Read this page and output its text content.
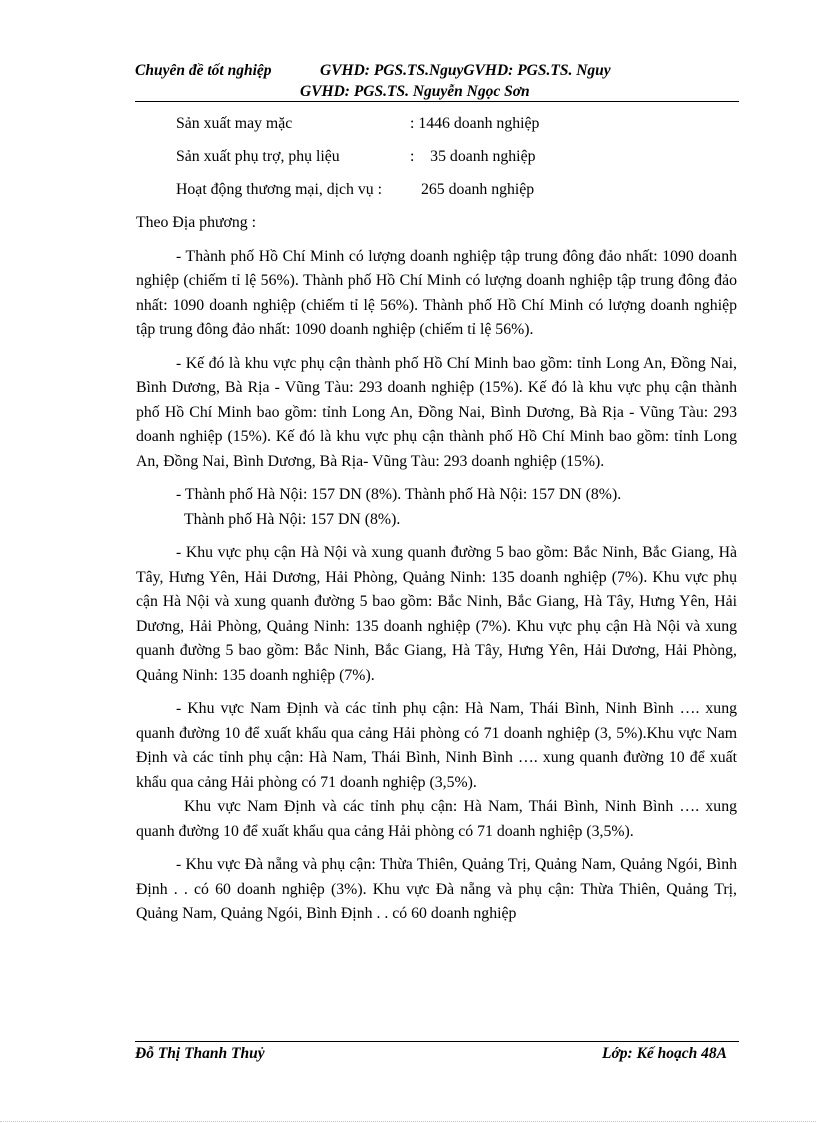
Chuyên đề tốt nghiệp	GVHD: PGS.TS.NguyGVHD: PGS.TS. Nguy
GVHD: PGS.TS. Nguyễn Ngọc Sơn
Sản xuất may mặc	: 1446 doanh nghiệp
Sản xuất phụ trợ, phụ liệu	:    35 doanh nghiệp
Hoạt động thương mại, dịch vụ : 265 doanh nghiệp
Theo Địa phương :

- Thành phố Hồ Chí Minh có lượng doanh nghiệp tập trung đông đảo nhất: 1090 doanh nghiệp (chiếm tỉ lệ 56%). Thành phố Hồ Chí Minh có lượng doanh nghiệp tập trung đông đảo nhất: 1090 doanh nghiệp (chiếm tỉ lệ 56%). Thành phố Hồ Chí Minh có lượng doanh nghiệp tập trung đông đảo nhất: 1090 doanh nghiệp (chiếm tỉ lệ 56%).

- Kế đó là khu vực phụ cận thành phố Hồ Chí Minh bao gồm: tỉnh Long An, Đồng Nai, Bình Dương, Bà Rịa - Vũng Tàu: 293 doanh nghiệp (15%). Kế đó là khu vực phụ cận thành phố Hồ Chí Minh bao gồm: tỉnh Long An, Đồng Nai, Bình Dương, Bà Rịa - Vũng Tàu: 293 doanh nghiệp (15%). Kế đó là khu vực phụ cận thành phố Hồ Chí Minh bao gồm: tỉnh Long An, Đồng Nai, Bình Dương, Bà Rịa- Vũng Tàu: 293 doanh nghiệp (15%).

- Thành phố Hà Nội: 157 DN (8%). Thành phố Hà Nội: 157 DN (8%).

Thành phố Hà Nội: 157 DN (8%).

- Khu vực phụ cận Hà Nội và xung quanh đường 5 bao gồm: Bắc Ninh, Bắc Giang, Hà Tây, Hưng Yên, Hải Dương, Hải Phòng, Quảng Ninh: 135 doanh nghiệp (7%). Khu vực phụ cận Hà Nội và xung quanh đường 5 bao gồm: Bắc Ninh, Bắc Giang, Hà Tây, Hưng Yên, Hải Dương, Hải Phòng, Quảng Ninh: 135 doanh nghiệp (7%). Khu vực phụ cận Hà Nội và xung quanh đường 5 bao gồm: Bắc Ninh, Bắc Giang, Hà Tây, Hưng Yên, Hải Dương, Hải Phòng, Quảng Ninh: 135 doanh nghiệp (7%).

- Khu vực Nam Định và các tỉnh phụ cận: Hà Nam, Thái Bình, Ninh Bình …. xung quanh đường 10 để xuất khẩu qua cảng Hải phòng có 71 doanh nghiệp (3, 5%).Khu vực Nam Định và các tỉnh phụ cận: Hà Nam, Thái Bình, Ninh Bình …. xung quanh đường 10 để xuất khẩu qua cảng Hải phòng có 71 doanh nghiệp (3,5%).

Khu vực Nam Định và các tỉnh phụ cận: Hà Nam, Thái Bình, Ninh Bình …. xung quanh đường 10 để xuất khẩu qua cảng Hải phòng có 71 doanh nghiệp (3,5%).

- Khu vực Đà nẵng và phụ cận: Thừa Thiên, Quảng Trị, Quảng Nam, Quảng Ngói, Bình Định . . có 60 doanh nghiệp (3%). Khu vực Đà nẵng và phụ cận: Thừa Thiên, Quảng Trị, Quảng Nam, Quảng Ngói, Bình Định . . có 60 doanh nghiệp

Đỗ Thị Thanh Thuỷ	Lớp: Kế hoạch 48A
